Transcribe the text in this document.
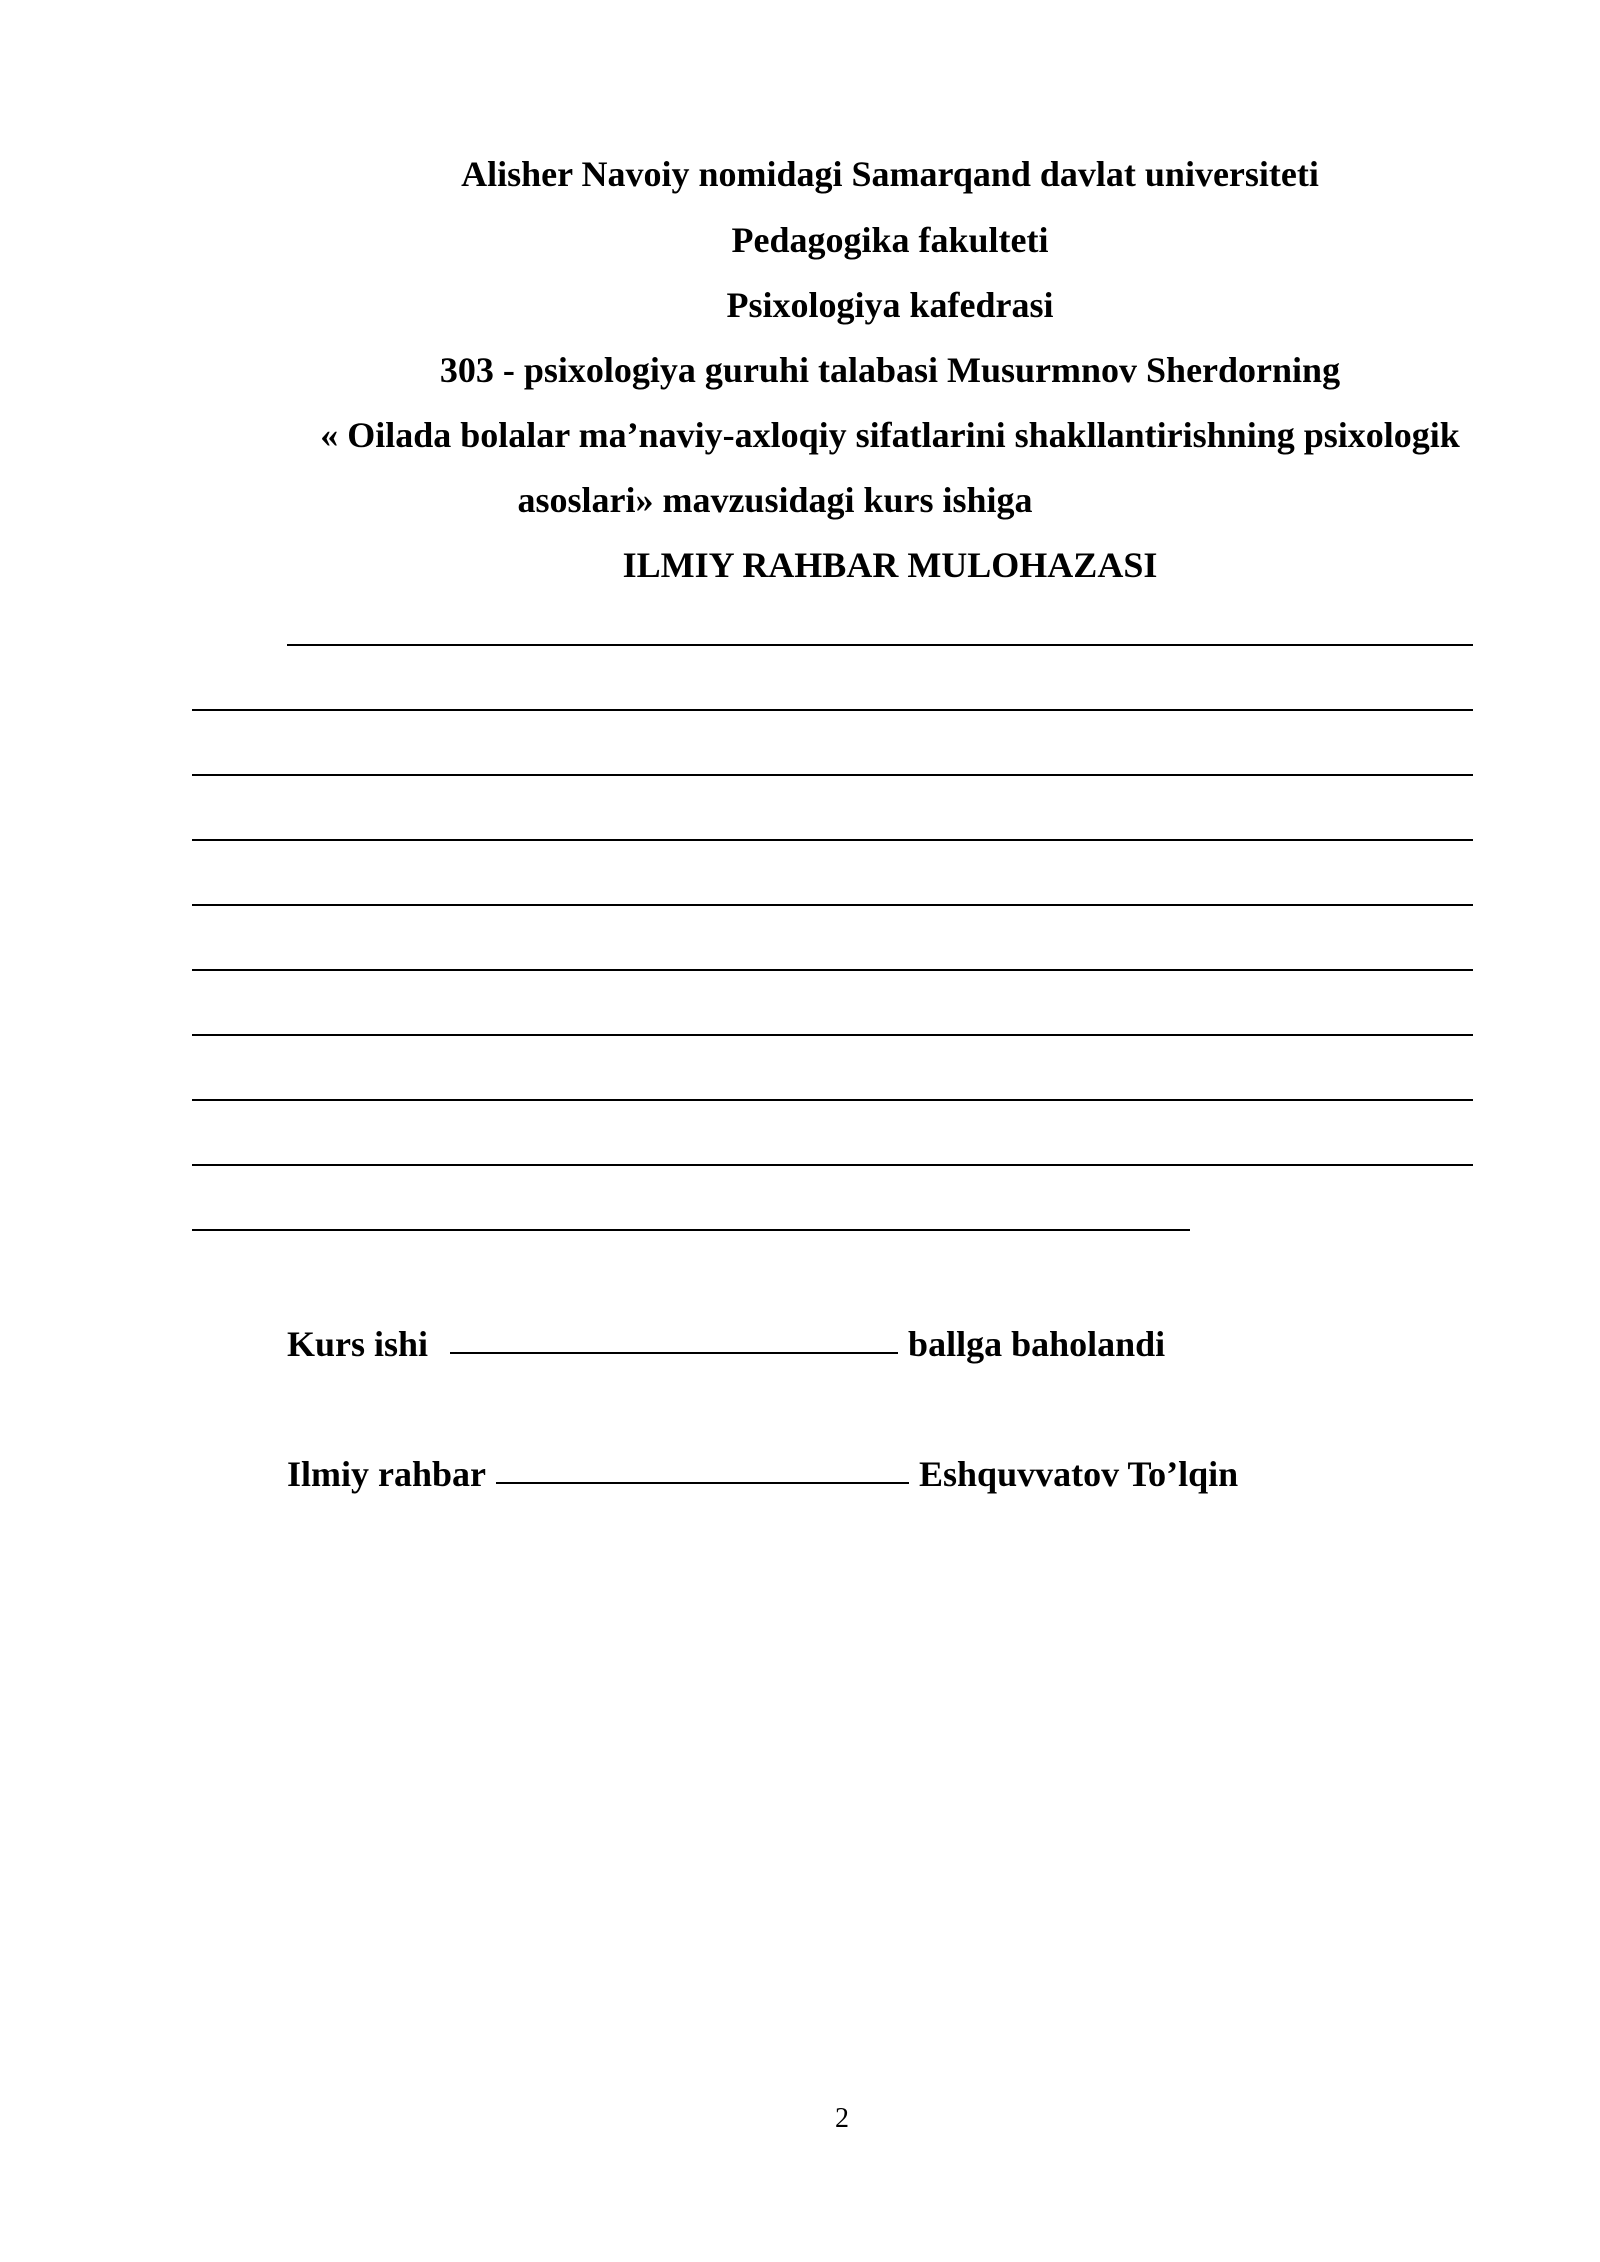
Alisher Navoiy nomidagi Samarqand davlat universiteti
Pedagogika fakulteti
Psixologiya kafedrasi
303 - psixologiya guruhi talabasi Musurmnov Sherdorning
« Oilada bolalar ma’naviy-axloqiy sifatlarini shakllantirishning psixologik
asoslari» mavzusidagi kurs ishiga
ILMIY RAHBAR MULOHAZASI
Kurs ishi	ballga baholandi
Ilmiy rahbar	Eshquvvatov To’lqin
2
